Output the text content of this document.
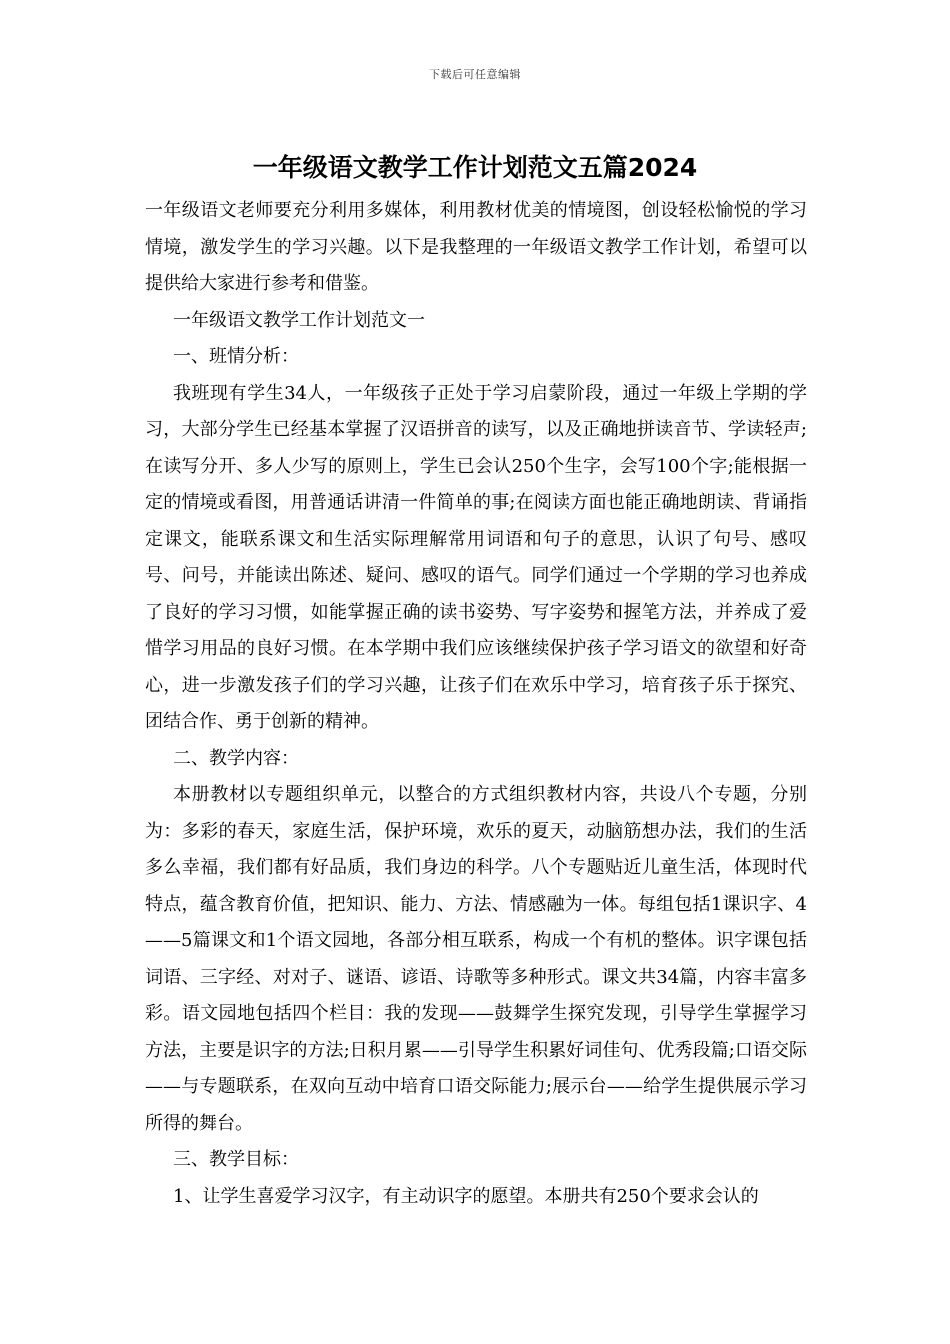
下载后可任意编辑
一年级语文教学工作计划范文五篇2024

一年级语文老师要充分利用多媒体，利用教材优美的情境图，创设轻松愉悦的学习情境，激发学生的学习兴趣。以下是我整理的一年级语文教学工作计划，希望可以提供给大家进行参考和借鉴。

一年级语文教学工作计划范文一

一、班情分析：

我班现有学生34人，一年级孩子正处于学习启蒙阶段，通过一年级上学期的学习，大部分学生已经基本掌握了汉语拼音的读写，以及正确地拼读音节、学读轻声;在读写分开、多人少写的原则上，学生已会认250个生字，会写100个字;能根据一定的情境或看图，用普通话讲清一件简单的事;在阅读方面也能正确地朗读、背诵指定课文，能联系课文和生活实际理解常用词语和句子的意思，认识了句号、感叹号、问号，并能读出陈述、疑问、感叹的语气。同学们通过一个学期的学习也养成了良好的学习习惯，如能掌握正确的读书姿势、写字姿势和握笔方法，并养成了爱惜学习用品的良好习惯。在本学期中我们应该继续保护孩子学习语文的欲望和好奇心，进一步激发孩子们的学习兴趣，让孩子们在欢乐中学习，培育孩子乐于探究、团结合作、勇于创新的精神。

二、教学内容：

本册教材以专题组织单元，以整合的方式组织教材内容，共设八个专题，分别为：多彩的春天，家庭生活，保护环境，欢乐的夏天，动脑筋想办法，我们的生活多么幸福，我们都有好品质，我们身边的科学。八个专题贴近儿童生活，体现时代特点，蕴含教育价值，把知识、能力、方法、情感融为一体。每组包括1课识字、4——5篇课文和1个语文园地，各部分相互联系，构成一个有机的整体。识字课包括词语、三字经、对对子、谜语、谚语、诗歌等多种形式。课文共34篇，内容丰富多彩。语文园地包括四个栏目：我的发现——鼓舞学生探究发现，引导学生掌握学习方法，主要是识字的方法;日积月累——引导学生积累好词佳句、优秀段篇;口语交际——与专题联系，在双向互动中培育口语交际能力;展示台——给学生提供展示学习所得的舞台。

三、教学目标：

1、让学生喜爱学习汉字，有主动识字的愿望。本册共有250个要求会认的
